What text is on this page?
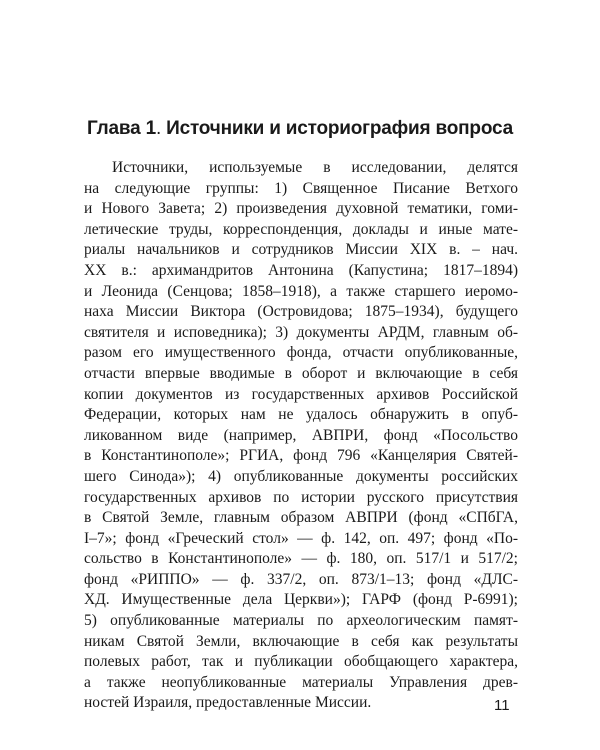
Глава 1. Источники и историография вопроса
Источники, используемые в исследовании, делятся
на следующие группы: 1) Священное Писание Ветхого
и Нового Завета; 2) произведения духовной тематики, гоми-
летические труды, корреспонденция, доклады и иные мате-
риалы начальников и сотрудников Миссии XIX в. – нач.
XX в.: архимандритов Антонина (Капустина; 1817–1894)
и Леонида (Сенцова; 1858–1918), а также старшего иеромо-
наха Миссии Виктора (Островидова; 1875–1934), будущего
святителя и исповедника); 3) документы АРДМ, главным об-
разом его имущественного фонда, отчасти опубликованные,
отчасти впервые вводимые в оборот и включающие в себя
копии документов из государственных архивов Российской
Федерации, которых нам не удалось обнаружить в опуб-
ликованном виде (например, АВПРИ, фонд «Посольство
в Константинополе»; РГИА, фонд 796 «Канцелярия Святей-
шего Синода»); 4) опубликованные документы российских
государственных архивов по истории русского присутствия
в Святой Земле, главным образом АВПРИ (фонд «СПбГА,
I–7»; фонд «Греческий стол» — ф. 142, оп. 497; фонд «По-
сольство в Константинополе» — ф. 180, оп. 517/1 и 517/2;
фонд «РИППО» — ф. 337/2, оп. 873/1–13; фонд «ДЛС-
ХД. Имущественные дела Церкви»); ГАРФ (фонд Р-6991);
5) опубликованные материалы по археологическим памят-
никам Святой Земли, включающие в себя как результаты
полевых работ, так и публикации обобщающего характера,
а также неопубликованные материалы Управления древ-
ностей Израиля, предоставленные Миссии.	11
